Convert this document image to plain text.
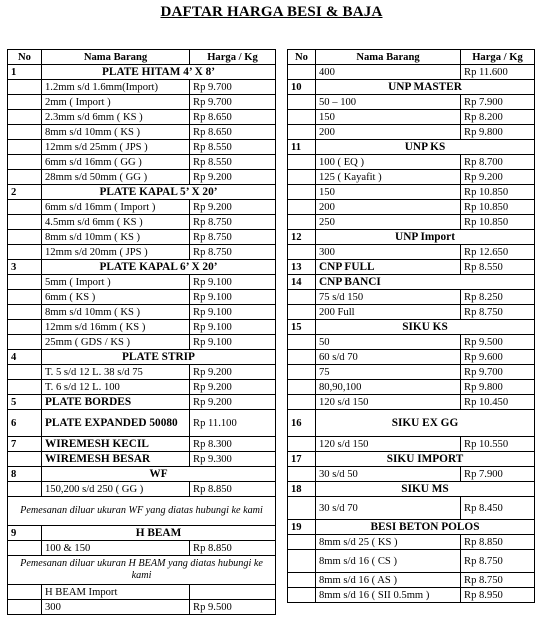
DAFTAR HARGA BESI & BAJA
No	Nama Barang	Harga / Kg
1	PLATE HITAM 4’ X 8’	
	1.2mm s/d 1.6mm(Import)	Rp 9.700
	2mm ( Import )	Rp 9.700
	2.3mm s/d 6mm ( KS )	Rp 8.650
	8mm s/d 10mm ( KS )	Rp 8.650
	12mm s/d 25mm ( JPS )	Rp 8.550
	6mm s/d 16mm ( GG )	Rp 8.550
	28mm s/d 50mm ( GG )	Rp 9.200
2	PLATE KAPAL 5’ X 20’	
	6mm s/d 16mm ( Import )	Rp 9.200
	4.5mm s/d 6mm ( KS )	Rp 8.750
	8mm s/d 10mm ( KS )	Rp 8.750
	12mm s/d 20mm ( JPS )	Rp 8.750
3	PLATE KAPAL 6’ X 20’	
	5mm ( Import )	Rp 9.100
	6mm ( KS )	Rp 9.100
	8mm s/d 10mm ( KS )	Rp 9.100
	12mm s/d 16mm ( KS )	Rp 9.100
	25mm ( GDS / KS )	Rp 9.100
4	PLATE STRIP	
	T. 5 s/d 12 L. 38 s/d 75	Rp 9.200
	T. 6 s/d 12 L. 100	Rp 9.200
5	PLATE BORDES	Rp 9.200
6	PLATE EXPANDED 50080	Rp 11.100
7	WIREMESH KECIL	Rp 8.300
	WIREMESH BESAR	Rp 9.300
8	WF	
	150,200 s/d 250 ( GG )	Rp 8.850
Pemesanan diluar ukuran WF yang diatas hubungi ke kami		
9	H BEAM	
	100 & 150	Rp 8.850
Pemesanan diluar ukuran H BEAM yang diatas hubungi ke kami		
	H BEAM Import	
	300	Rp 9.500
No	Nama Barang	Harga / Kg
	400	Rp 11.600
10	UNP MASTER	
	50 – 100	Rp 7.900
	150	Rp 8.200
	200	Rp 9.800
11	UNP KS	
	100 ( EQ )	Rp 8.700
	125 ( Kayafit )	Rp 9.200
	150	Rp 10.850
	200	Rp 10.850
	250	Rp 10.850
12	UNP Import	
	300	Rp 12.650
13	CNP FULL	Rp 8.550
14	CNP BANCI	
	75 s/d 150	Rp 8.250
	200 Full	Rp 8.750
15	SIKU KS	
	50	Rp 9.500
	60 s/d 70	Rp 9.600
	75	Rp 9.700
	80,90,100	Rp 9.800
	120 s/d 150	Rp 10.450
16	SIKU EX GG	
	120 s/d 150	Rp 10.550
17	SIKU IMPORT	
	30 s/d 50	Rp 7.900
18	SIKU MS	
	30 s/d 70	Rp 8.450
19	BESI BETON POLOS	
	8mm s/d 25 ( KS )	Rp 8.850
	8mm s/d 16 ( CS )	Rp 8.750
	8mm s/d 16 ( AS )	Rp 8.750
	8mm s/d 16 ( SII 0.5mm )	Rp 8.950
